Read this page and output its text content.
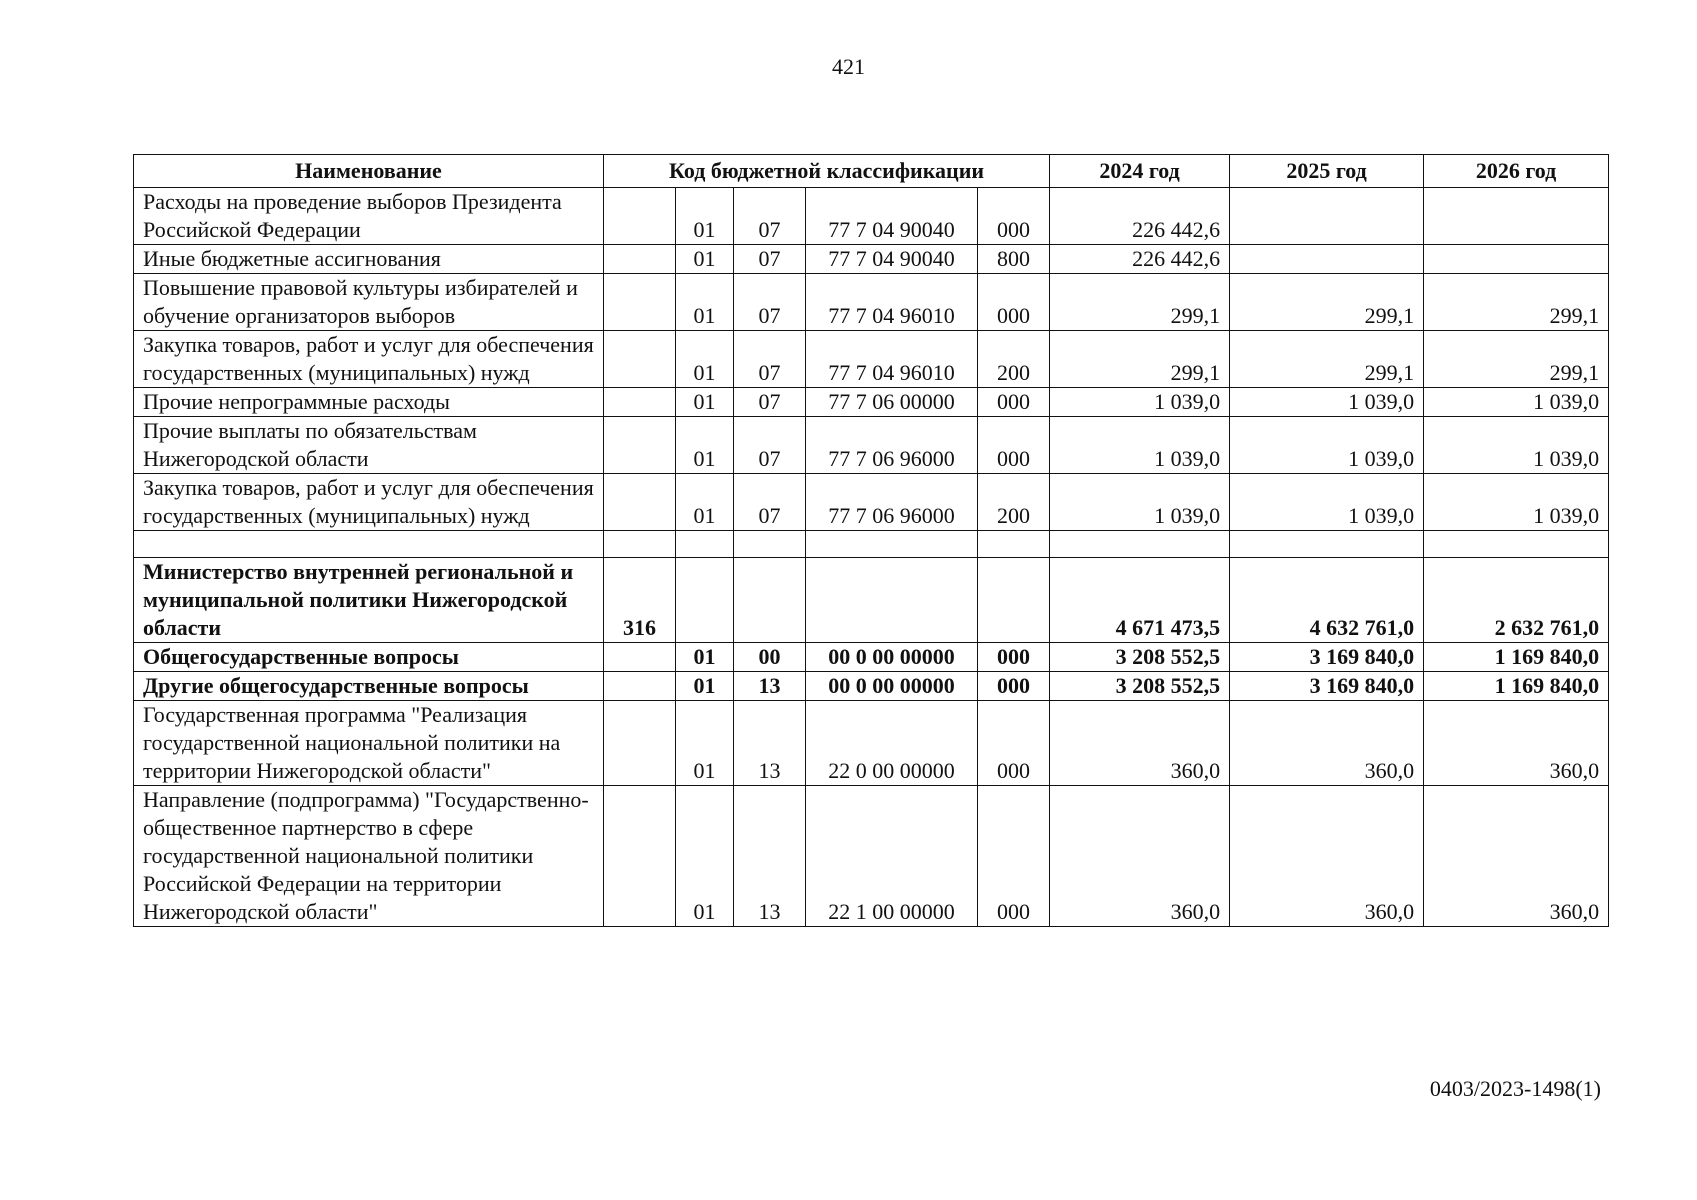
421
Наименование	Код бюджетной классификации					2024 год	2025 год	2026 год
Расходы на проведение выборов Президента Российской Федерации		01	07	77 7 04 90040	000	226 442,6		
Иные бюджетные ассигнования		01	07	77 7 04 90040	800	226 442,6		
Повышение правовой культуры избирателей и обучение организаторов выборов		01	07	77 7 04 96010	000	299,1	299,1	299,1
Закупка товаров, работ и услуг для обеспечения государственных (муниципальных) нужд		01	07	77 7 04 96010	200	299,1	299,1	299,1
Прочие непрограммные расходы		01	07	77 7 06 00000	000	1 039,0	1 039,0	1 039,0
Прочие выплаты по обязательствам Нижегородской области		01	07	77 7 06 96000	000	1 039,0	1 039,0	1 039,0
Закупка товаров, работ и услуг для обеспечения государственных (муниципальных) нужд		01	07	77 7 06 96000	200	1 039,0	1 039,0	1 039,0

Министерство внутренней региональной и муниципальной политики Нижегородской области	316					4 671 473,5	4 632 761,0	2 632 761,0
Общегосударственные вопросы		01	00	00 0 00 00000	000	3 208 552,5	3 169 840,0	1 169 840,0
Другие общегосударственные вопросы		01	13	00 0 00 00000	000	3 208 552,5	3 169 840,0	1 169 840,0
Государственная программа "Реализация государственной национальной политики на территории Нижегородской области"		01	13	22 0 00 00000	000	360,0	360,0	360,0
Направление (подпрограмма) "Государственно-общественное партнерство в сфере государственной национальной политики Российской Федерации на территории Нижегородской области"		01	13	22 1 00 00000	000	360,0	360,0	360,0
0403/2023-1498(1)
